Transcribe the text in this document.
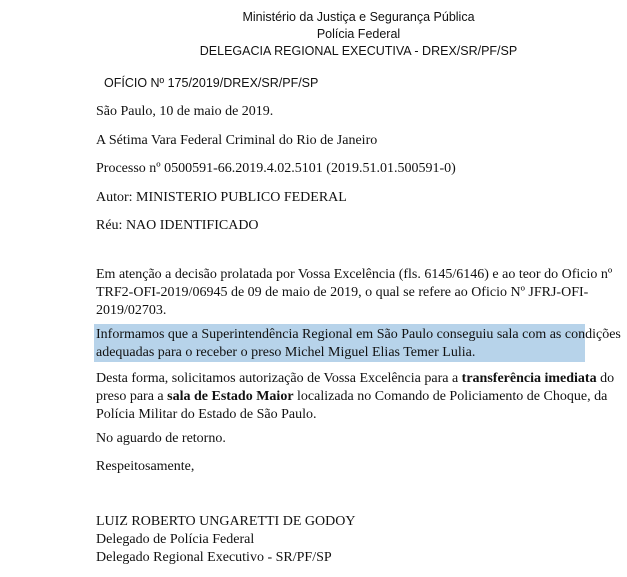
Ministério da Justiça e Segurança Pública
Polícia Federal
DELEGACIA REGIONAL EXECUTIVA - DREX/SR/PF/SP
OFÍCIO Nº 175/2019/DREX/SR/PF/SP
São Paulo, 10 de maio de 2019.
A Sétima Vara Federal Criminal do Rio de Janeiro
Processo nº 0500591-66.2019.4.02.5101 (2019.51.01.500591-0)
Autor: MINISTERIO PUBLICO FEDERAL
Réu: NAO IDENTIFICADO
Em atenção a decisão prolatada por Vossa Excelência (fls. 6145/6146) e ao teor do Oficio nº
TRF2-OFI-2019/06945 de 09 de maio de 2019, o qual se refere ao Oficio Nº JFRJ-OFI-
2019/02703.
Informamos que a Superintendência Regional em São Paulo conseguiu sala com as condições
adequadas para o receber o preso Michel Miguel Elias Temer Lulia.
Desta forma, solicitamos autorização de Vossa Excelência para a transferência imediata do
preso para a sala de Estado Maior localizada no Comando de Policiamento de Choque, da
Polícia Militar do Estado de São Paulo.
No aguardo de retorno.
Respeitosamente,
LUIZ ROBERTO UNGARETTI DE GODOY
Delegado de Polícia Federal
Delegado Regional Executivo - SR/PF/SP
